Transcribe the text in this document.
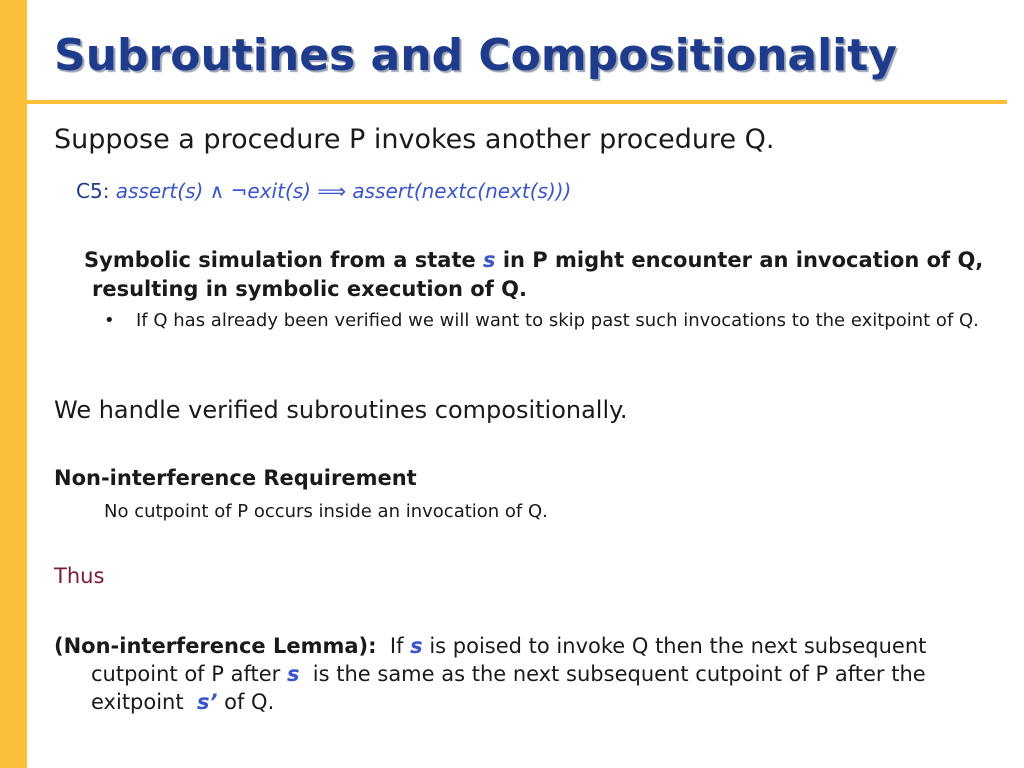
Subroutines and Compositionality

Suppose a procedure P invokes another procedure Q.

C5: assert(s) ∧ ¬exit(s) ⟹ assert(nextc(next(s)))

Symbolic simulation from a state s in P might encounter an invocation of Q, resulting in symbolic execution of Q.

• If Q has already been verified we will want to skip past such invocations to the exitpoint of Q.

We handle verified subroutines compositionally.

Non-interference Requirement

No cutpoint of P occurs inside an invocation of Q.

Thus

(Non-interference Lemma):  If s is poised to invoke Q then the next subsequent cutpoint of P after s  is the same as the next subsequent cutpoint of P after the exitpoint  s’ of Q.
